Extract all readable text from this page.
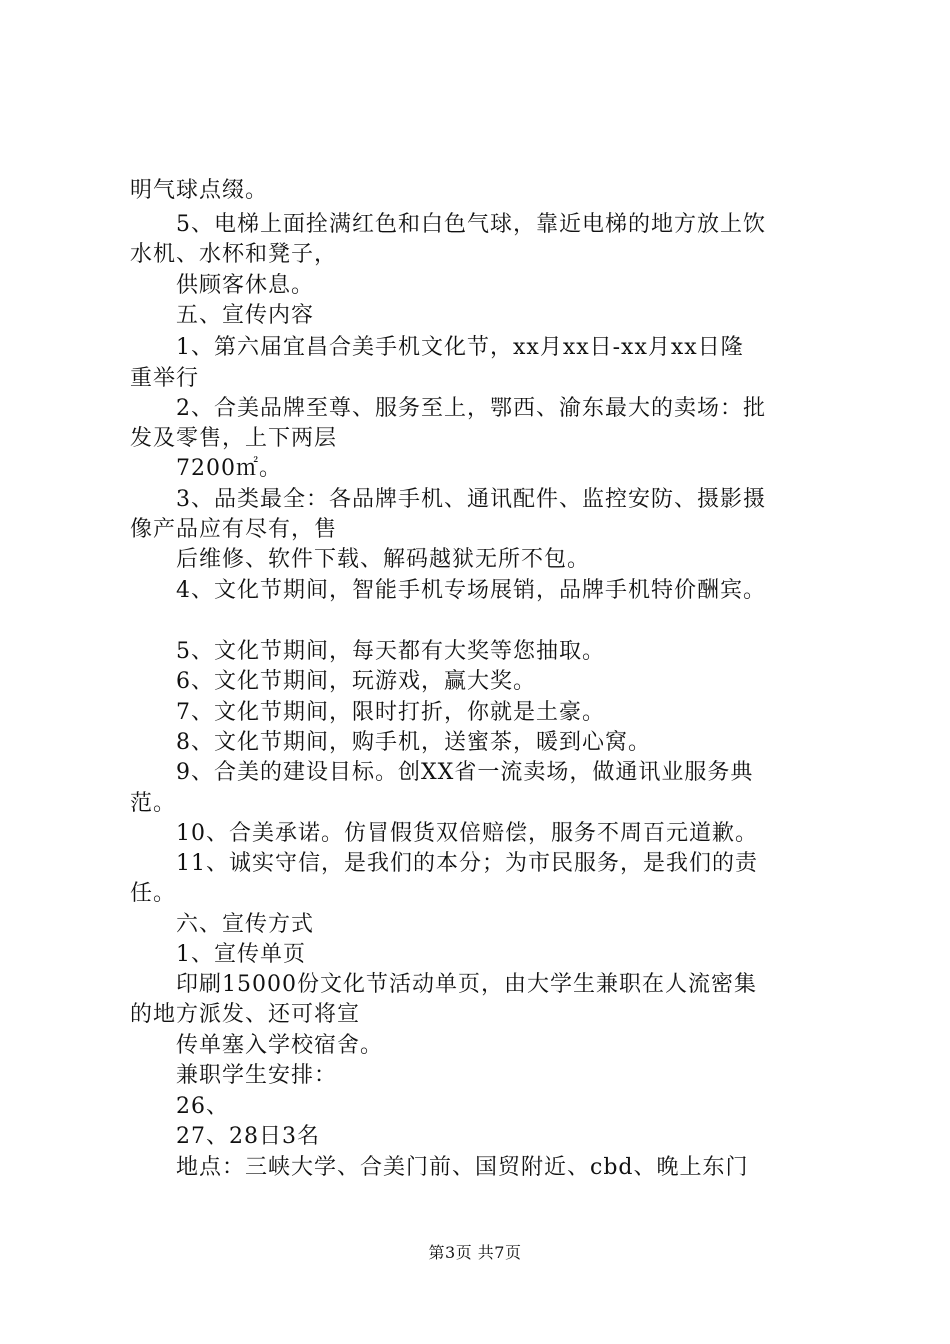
明气球点缀。
　　5、电梯上面拴满红色和白色气球，靠近电梯的地方放上饮
水机、水杯和凳子，
　　供顾客休息。
　　五、宣传内容
　　1、第六届宜昌合美手机文化节，xx月xx日-xx月xx日隆
重举行
　　2、合美品牌至尊、服务至上，鄂西、渝东最大的卖场：批
发及零售，上下两层
　　7200㎡。
　　3、品类最全：各品牌手机、通讯配件、监控安防、摄影摄
像产品应有尽有，售
　　后维修、软件下载、解码越狱无所不包。
　　4、文化节期间，智能手机专场展销，品牌手机特价酬宾。
　　5、文化节期间，每天都有大奖等您抽取。
　　6、文化节期间，玩游戏，赢大奖。
　　7、文化节期间，限时打折，你就是土豪。
　　8、文化节期间，购手机，送蜜茶，暖到心窝。
　　9、合美的建设目标。创XX省一流卖场，做通讯业服务典
范。
　　10、合美承诺。仿冒假货双倍赔偿，服务不周百元道歉。
　　11、诚实守信，是我们的本分；为市民服务，是我们的责
任。
　　六、宣传方式
　　1、宣传单页
　　印刷15000份文化节活动单页，由大学生兼职在人流密集
的地方派发、还可将宣
　　传单塞入学校宿舍。
　　兼职学生安排：
　　26、
　　27、28日3名
　　地点：三峡大学、合美门前、国贸附近、cbd、晚上东门
第3页 共7页
